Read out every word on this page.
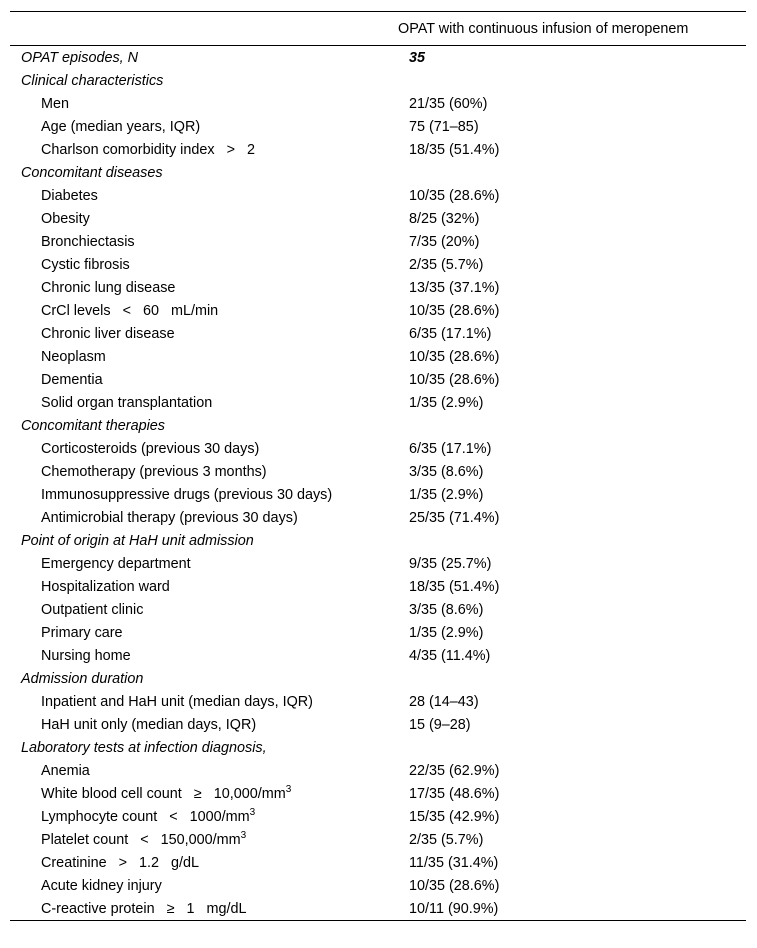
OPAT with continuous infusion of meropenem
OPAT episodes, N	35
Clinical characteristics
Men	21/35 (60%)
Age (median years, IQR)	75 (71–85)
Charlson comorbidity index > 2	18/35 (51.4%)
Concomitant diseases
Diabetes	10/35 (28.6%)
Obesity	8/25 (32%)
Bronchiectasis	7/35 (20%)
Cystic fibrosis	2/35 (5.7%)
Chronic lung disease	13/35 (37.1%)
CrCl levels < 60 mL/min	10/35 (28.6%)
Chronic liver disease	6/35 (17.1%)
Neoplasm	10/35 (28.6%)
Dementia	10/35 (28.6%)
Solid organ transplantation	1/35 (2.9%)
Concomitant therapies
Corticosteroids (previous 30 days)	6/35 (17.1%)
Chemotherapy (previous 3 months)	3/35 (8.6%)
Immunosuppressive drugs (previous 30 days)	1/35 (2.9%)
Antimicrobial therapy (previous 30 days)	25/35 (71.4%)
Point of origin at HaH unit admission
Emergency department	9/35 (25.7%)
Hospitalization ward	18/35 (51.4%)
Outpatient clinic	3/35 (8.6%)
Primary care	1/35 (2.9%)
Nursing home	4/35 (11.4%)
Admission duration
Inpatient and HaH unit (median days, IQR)	28 (14–43)
HaH unit only (median days, IQR)	15 (9–28)
Laboratory tests at infection diagnosis,
Anemia	22/35 (62.9%)
White blood cell count ≥ $10,000/mm^3$	17/35 (48.6%)
Lymphocyte count < $1000/mm^3$	15/35 (42.9%)
Platelet count < $150,000/mm^3$	2/35 (5.7%)
Creatinine > 1.2 g/dL	11/35 (31.4%)
Acute kidney injury	10/35 (28.6%)
C-reactive protein ≥ 1 mg/dL	10/11 (90.9%)
